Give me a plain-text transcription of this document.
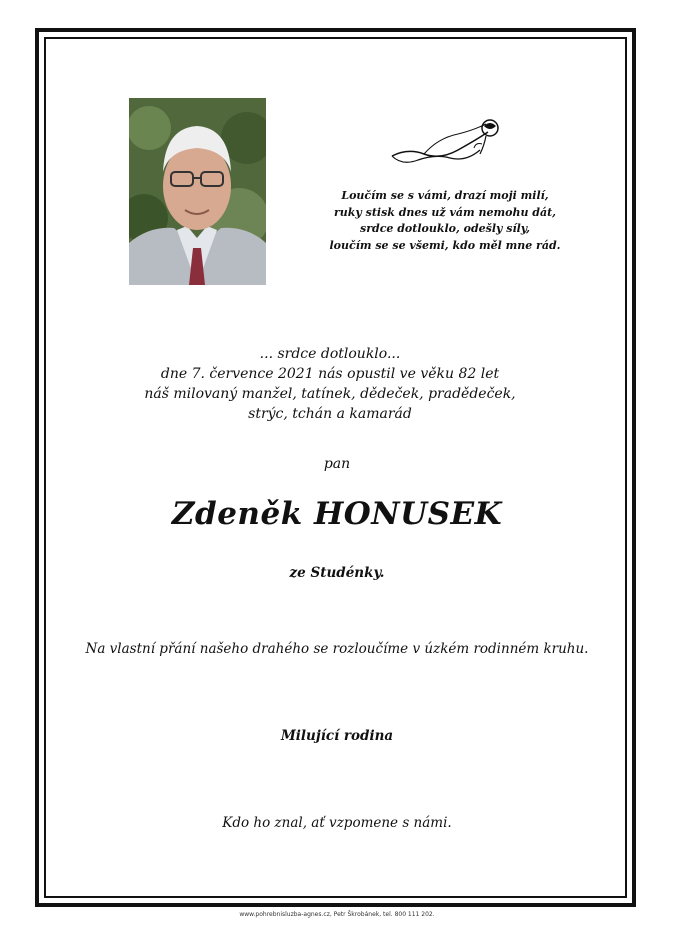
Loučím se s vámi, drazí moji milí,
ruky stisk dnes už vám nemohu dát,
srdce dotlouklo, odešly síly,
loučím se se všemi, kdo měl mne rád.
... srdce dotlouklo...
dne 7. července 2021 nás opustil ve věku 82 let
náš milovaný manžel, tatínek, dědeček, pradědeček,
strýc, tchán a kamarád
pan
Zdeněk HONUSEK
ze Studénky.
Na vlastní přání našeho drahého se rozloučíme v úzkém rodinném kruhu.
Milující rodina
Kdo ho znal, ať vzpomene s námi.
www.pohrebnisluzba-agnes.cz, Petr Škrobánek, tel. 800 111 202.
